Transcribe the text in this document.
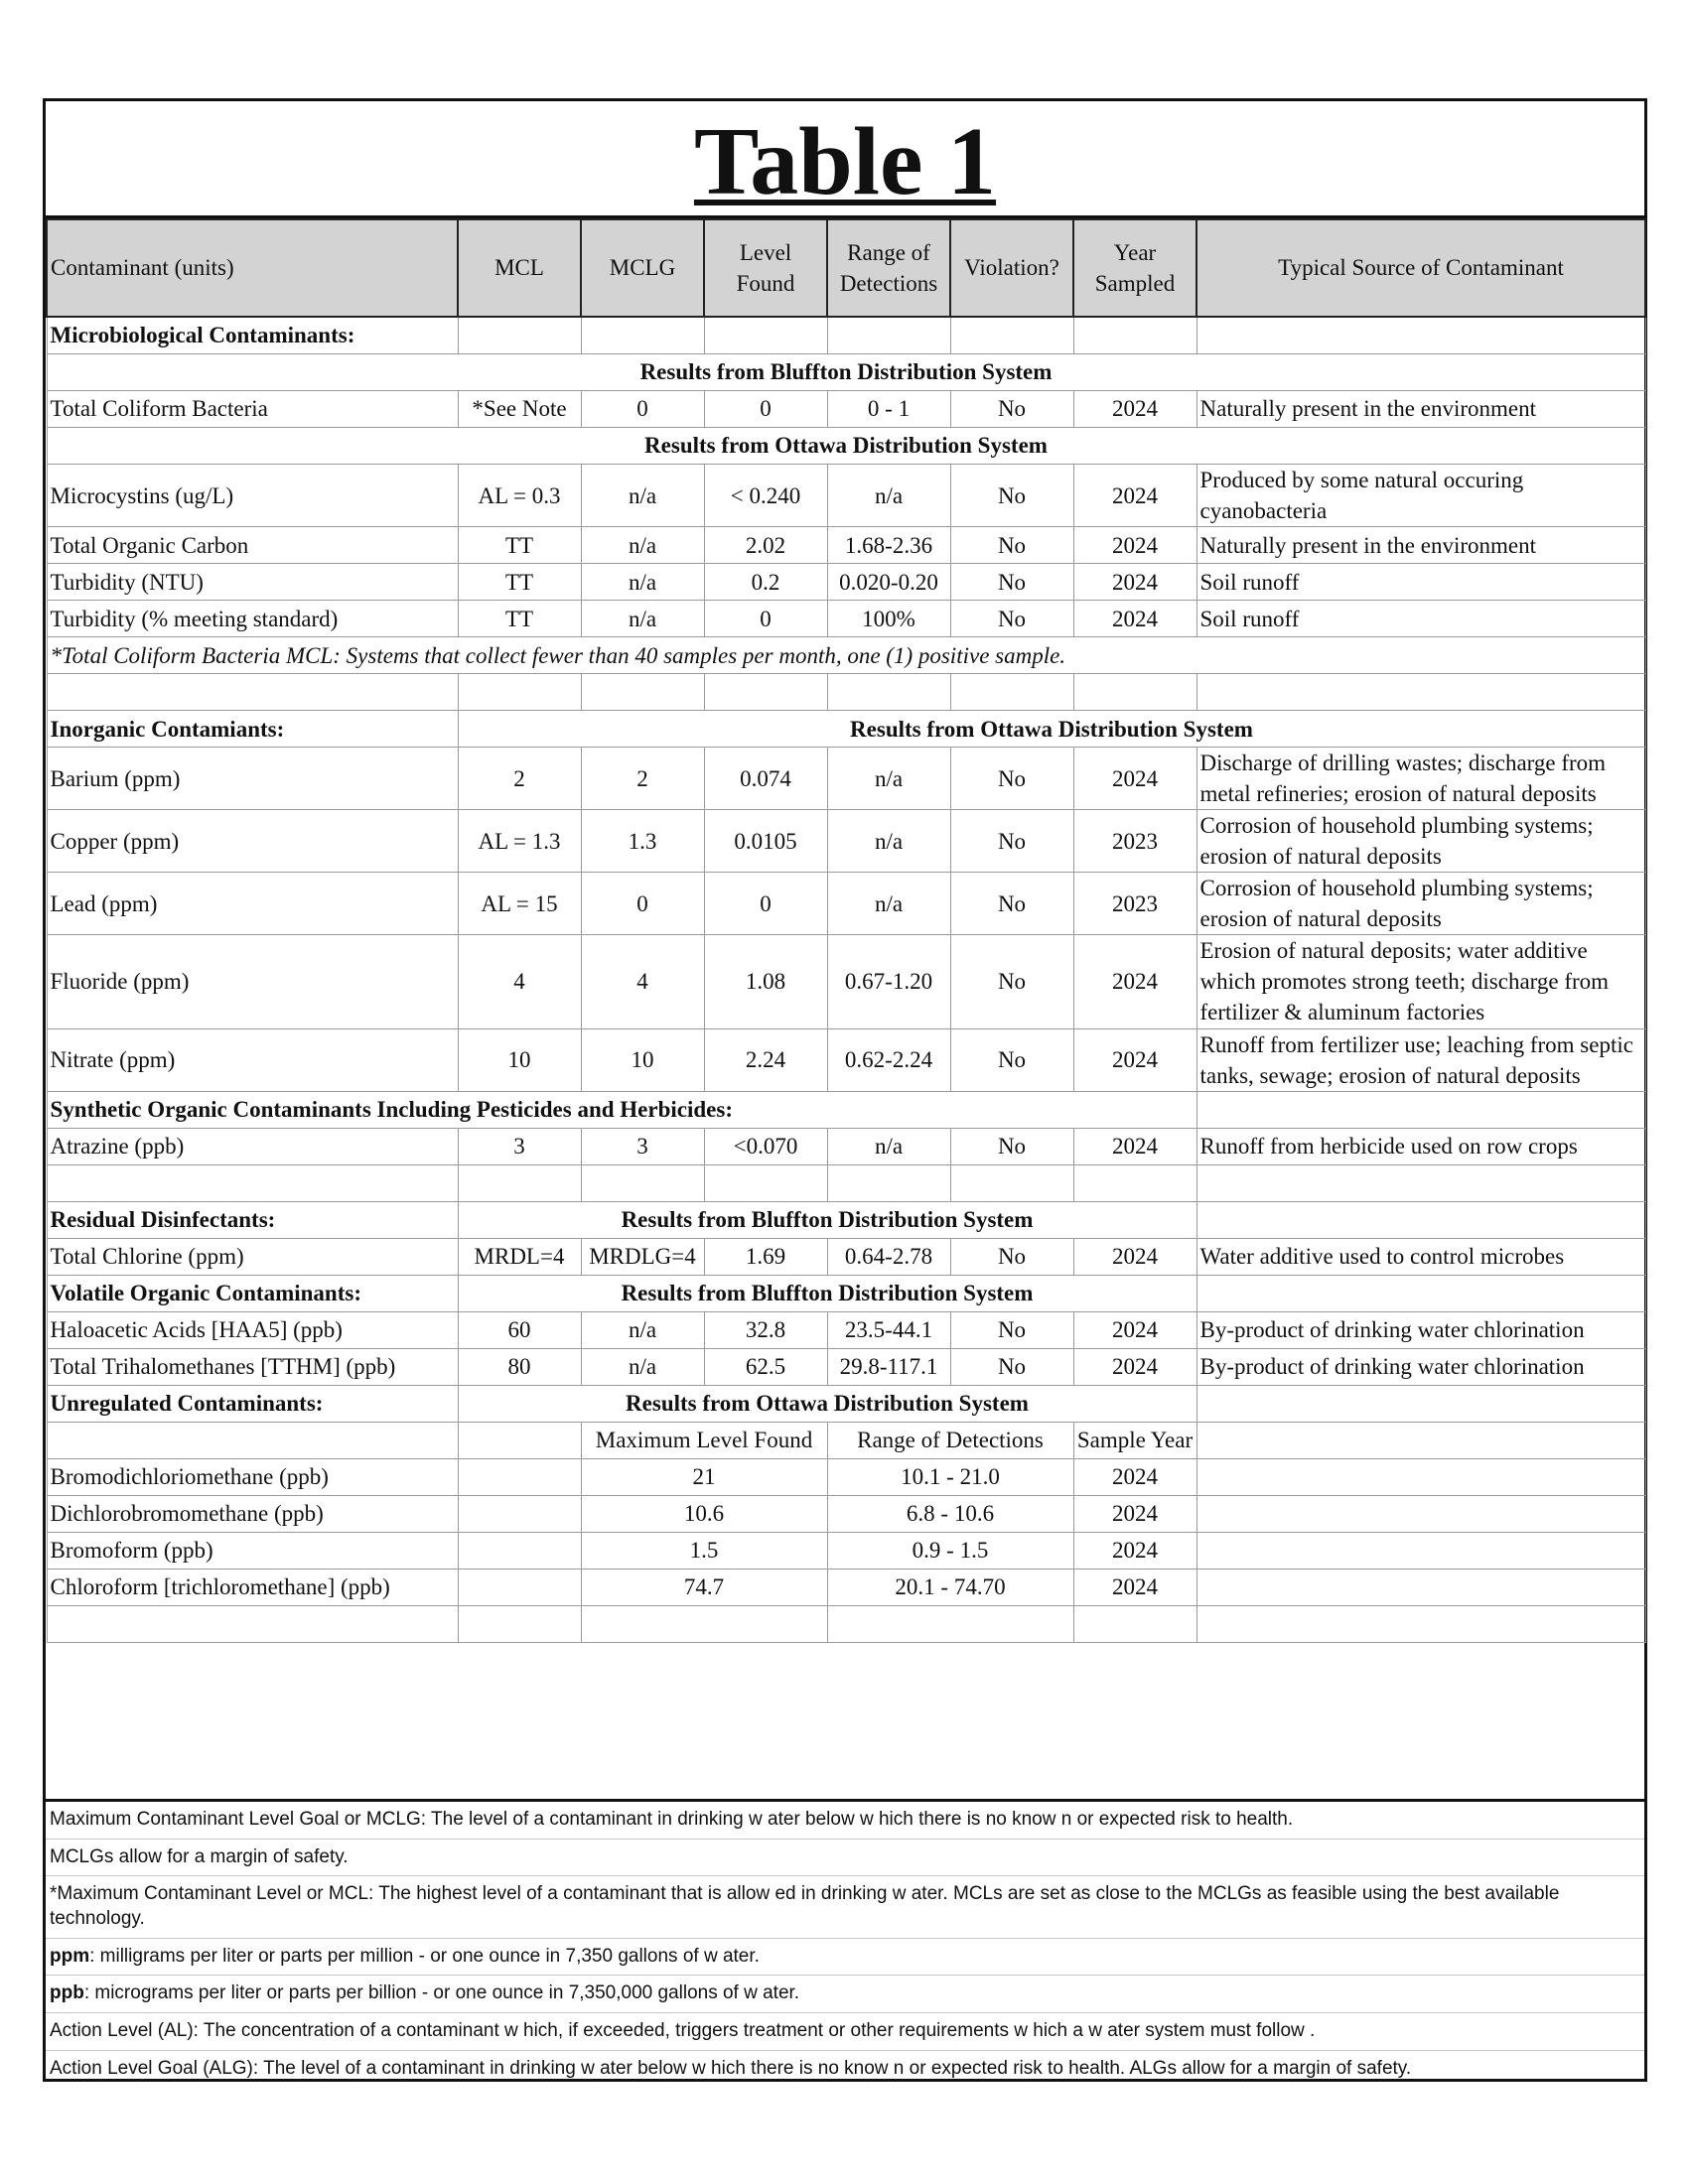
Table 1
Contaminant (units)	MCL	MCLG	Level Found	Range of Detections	Violation?	Year Sampled	Typical Source of Contaminant
Microbiological Contaminants:							
Results from Bluffton Distribution System							
Total Coliform Bacteria	*See Note	0	0	0 - 1	No	2024	Naturally present in the environment
Results from Ottawa Distribution System							
Microcystins (ug/L)	AL = 0.3	n/a	< 0.240	n/a	No	2024	Produced by some natural occuring cyanobacteria
Total Organic Carbon	TT	n/a	2.02	1.68-2.36	No	2024	Naturally present in the environment
Turbidity (NTU)	TT	n/a	0.2	0.020-0.20	No	2024	Soil runoff
Turbidity (% meeting standard)	TT	n/a	0	100%	No	2024	Soil runoff
*Total Coliform Bacteria MCL: Systems that collect fewer than 40 samples per month, one (1) positive sample.							

Inorganic Contamiants:	Results from Ottawa Distribution System						
Barium (ppm)	2	2	0.074	n/a	No	2024	Discharge of drilling wastes; discharge from metal refineries; erosion of natural deposits
Copper (ppm)	AL = 1.3	1.3	0.0105	n/a	No	2023	Corrosion of household plumbing systems; erosion of natural deposits
Lead (ppm)	AL = 15	0	0	n/a	No	2023	Corrosion of household plumbing systems; erosion of natural deposits
Fluoride (ppm)	4	4	1.08	0.67-1.20	No	2024	Erosion of natural deposits; water additive which promotes strong teeth; discharge from fertilizer & aluminum factories
Nitrate (ppm)	10	10	2.24	0.62-2.24	No	2024	Runoff from fertilizer use; leaching from septic tanks, sewage; erosion of natural deposits
Synthetic Organic Contaminants Including Pesticides and Herbicides:							
Atrazine (ppb)	3	3	<0.070	n/a	No	2024	Runoff from herbicide used on row crops

Residual Disinfectants:	Results from Bluffton Distribution System						
Total Chlorine (ppm)	MRDL=4	MRDLG=4	1.69	0.64-2.78	No	2024	Water additive used to control microbes
Volatile Organic Contaminants:	Results from Bluffton Distribution System						
Haloacetic Acids [HAA5] (ppb)	60	n/a	32.8	23.5-44.1	No	2024	By-product of drinking water chlorination
Total Trihalomethanes [TTHM] (ppb)	80	n/a	62.5	29.8-117.1	No	2024	By-product of drinking water chlorination
Unregulated Contaminants:	Results from Ottawa Distribution System						
		Maximum Level Found		Range of Detections		Sample Year	
Bromodichloriomethane (ppb)		21		10.1 - 21.0		2024	
Dichlorobromomethane (ppb)		10.6		6.8 - 10.6		2024	
Bromoform (ppb)		1.5		0.9 - 1.5		2024	
Chloroform [trichloromethane] (ppb)		74.7		20.1 - 74.70		2024	

Maximum Contaminant Level Goal or MCLG: The level of a contaminant in drinking w ater below w hich there is no know n or expected risk to health.
MCLGs allow for a margin of safety.
*Maximum Contaminant Level or MCL: The highest level of a contaminant that is allow ed in drinking w ater. MCLs are set as close to the MCLGs as feasible using the best available technology.
ppm: milligrams per liter or parts per million - or one ounce in 7,350 gallons of w ater.
ppb: micrograms per liter or parts per billion - or one ounce in 7,350,000 gallons of w ater.
Action Level (AL): The concentration of a contaminant w hich, if exceeded, triggers treatment or other requirements w hich a w ater system must follow .
Action Level Goal (ALG): The level of a contaminant in drinking w ater below w hich there is no know n or expected risk to health. ALGs allow for a margin of safety.
